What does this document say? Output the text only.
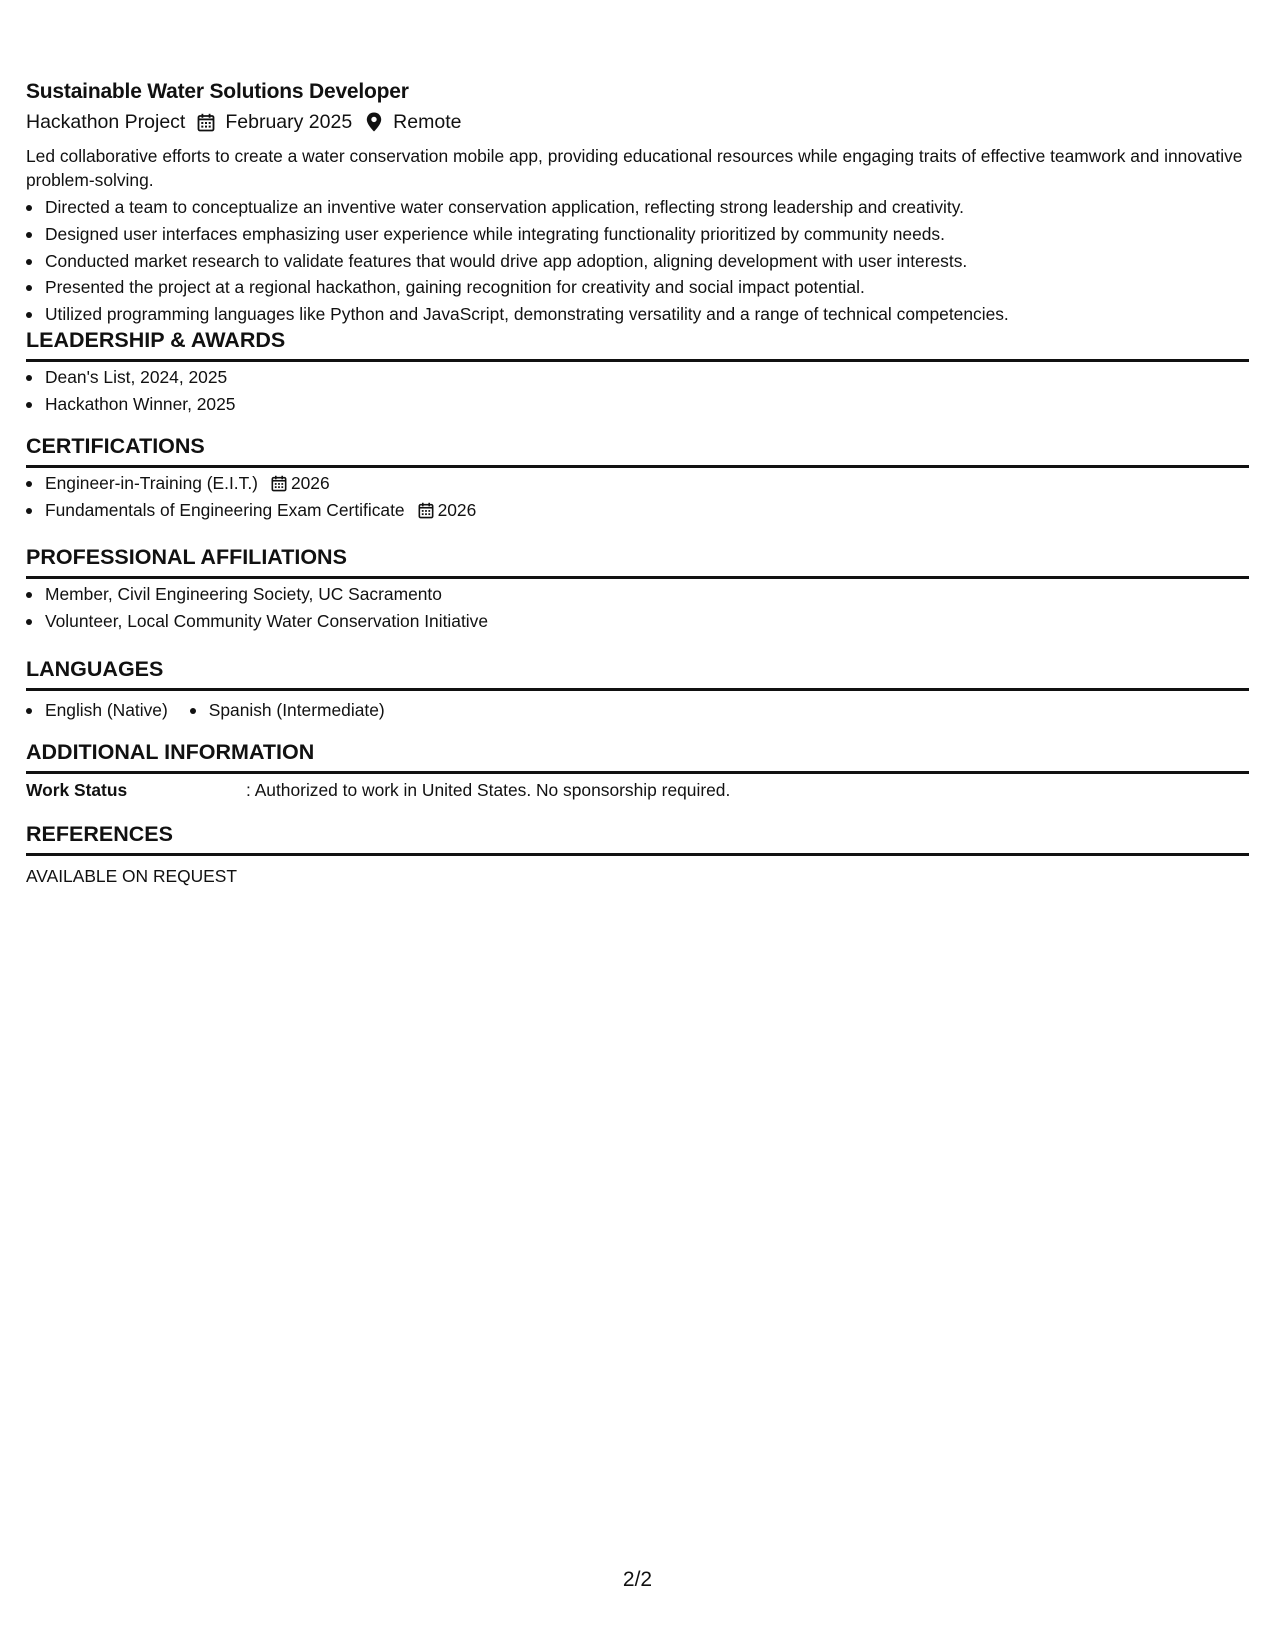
Sustainable Water Solutions Developer
Hackathon Project February 2025 Remote
Led collaborative efforts to create a water conservation mobile app, providing educational resources while engaging traits of effective teamwork and innovative problem-solving.
Directed a team to conceptualize an inventive water conservation application, reflecting strong leadership and creativity.
Designed user interfaces emphasizing user experience while integrating functionality prioritized by community needs.
Conducted market research to validate features that would drive app adoption, aligning development with user interests.
Presented the project at a regional hackathon, gaining recognition for creativity and social impact potential.
Utilized programming languages like Python and JavaScript, demonstrating versatility and a range of technical competencies.
LEADERSHIP & AWARDS
Dean's List, 2024, 2025
Hackathon Winner, 2025
CERTIFICATIONS
Engineer-in-Training (E.I.T.) 2026
Fundamentals of Engineering Exam Certificate 2026
PROFESSIONAL AFFILIATIONS
Member, Civil Engineering Society, UC Sacramento
Volunteer, Local Community Water Conservation Initiative
LANGUAGES
English (Native)	Spanish (Intermediate)
ADDITIONAL INFORMATION
Work Status	: Authorized to work in United States. No sponsorship required.
REFERENCES
AVAILABLE ON REQUEST
2/2
